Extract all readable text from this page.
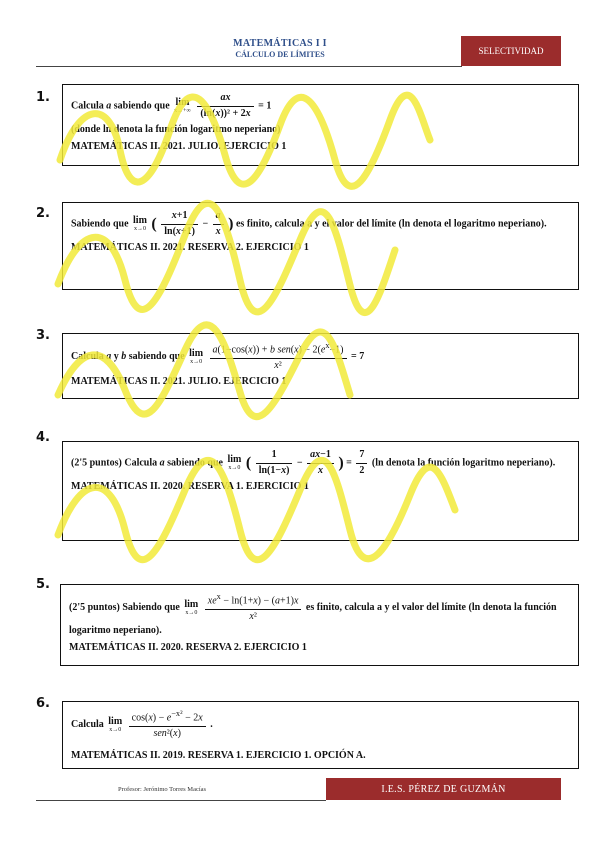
MATEMÁTICAS I I
CÁLCULO DE LÍMITES	SELECTIVIDAD
1.
Calcula a sabiendo que lim
x→+∞
$\frac{ax}{\text{(ln(x))² + 2x}} = 1$
(donde ln denota la función logaritmo neperiano)
MATEMÁTICAS II. 2021. JULIO. EJERCICIO 1
2.
Sabiendo que lim
x→0 ( $\frac{x+1}{\ln(x+1)} - \frac{a}{x}$ ) es finito, calcula a y el valor del límite (ln denota el logaritmo neperiano).
MATEMÁTICAS II. 2021. RESERVA 2. EJERCICIO 1
3.
Calcula a y b sabiendo que lim
x→0
$\frac{a(1-\cos(x)) + b sen(x) - 2(e^x-1)}{\text{x²}} = 7$
MATEMÁTICAS II. 2021. JULIO. EJERCICIO 1
4.
(2'5 puntos) Calcula a sabiendo que lim
x→0 ( $\frac{1}{\ln(1-x)} - \frac{ax-1}{x}$ ) = $\frac{7}{2} (\ln$ denota la función logaritmo neperiano).
MATEMÁTICAS II. 2020. RESERVA 1. EJERCICIO 1
5.
(2'5 puntos) Sabiendo que lim
x→0
$\frac{xe^x - \ln(1+x) - (a+1)x}{\text{x²}}$ es finito, calcula a y el valor del límite (ln denota la función logaritmo neperiano).
MATEMÁTICAS II. 2020. RESERVA 2. EJERCICIO 1
6.
Calcula lim
x→0
$\frac{\cos(x) - e^{-x^2} - 2x}{\text{sen²(x)}}$ .
MATEMÁTICAS II. 2019. RESERVA 1. EJERCICIO 1. OPCIÓN A.
Profesor: Jerónimo Torres Macías	I.E.S. PÉREZ DE GUZMÁN
